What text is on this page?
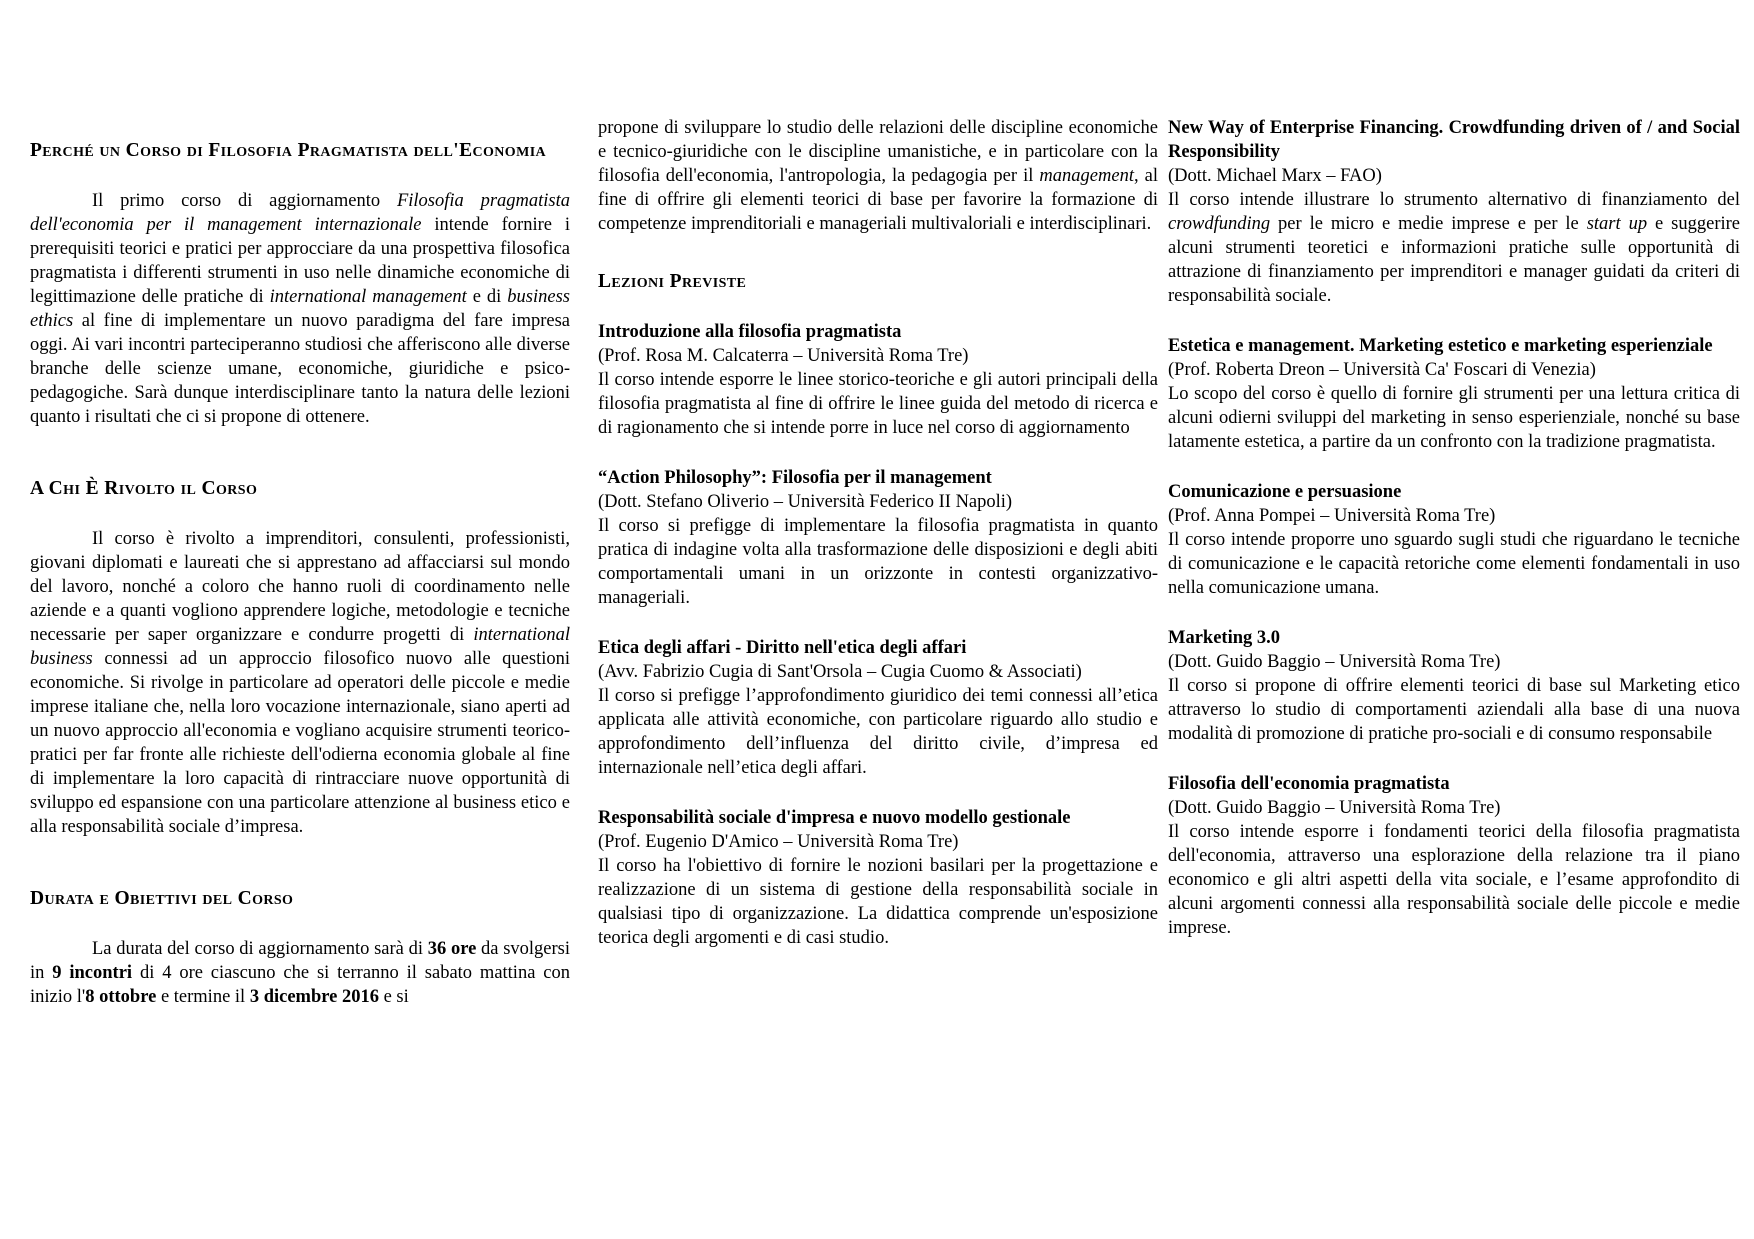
Perché un Corso di Filosofia Pragmatista dell'Economia
Il primo corso di aggiornamento Filosofia pragmatista dell'economia per il management internazionale intende fornire i prerequisiti teorici e pratici per approcciare da una prospettiva filosofica pragmatista i differenti strumenti in uso nelle dinamiche economiche di legittimazione delle pratiche di international management e di business ethics al fine di implementare un nuovo paradigma del fare impresa oggi. Ai vari incontri parteciperanno studiosi che afferiscono alle diverse branche delle scienze umane, economiche, giuridiche e psico-pedagogiche. Sarà dunque interdisciplinare tanto la natura delle lezioni quanto i risultati che ci si propone di ottenere.
A Chi È Rivolto il Corso
Il corso è rivolto a imprenditori, consulenti, professionisti, giovani diplomati e laureati che si apprestano ad affacciarsi sul mondo del lavoro, nonché a coloro che hanno ruoli di coordinamento nelle aziende e a quanti vogliono apprendere logiche, metodologie e tecniche necessarie per saper organizzare e condurre progetti di international business connessi ad un approccio filosofico nuovo alle questioni economiche. Si rivolge in particolare ad operatori delle piccole e medie imprese italiane che, nella loro vocazione internazionale, siano aperti ad un nuovo approccio all'economia e vogliano acquisire strumenti teorico-pratici per far fronte alle richieste dell'odierna economia globale al fine di implementare la loro capacità di rintracciare nuove opportunità di sviluppo ed espansione con una particolare attenzione al business etico e alla responsabilità sociale d’impresa.
Durata e Obiettivi del Corso
La durata del corso di aggiornamento sarà di 36 ore da svolgersi in 9 incontri di 4 ore ciascuno che si terranno il sabato mattina con inizio l'8 ottobre e termine il 3 dicembre 2016 e si
propone di sviluppare lo studio delle relazioni delle discipline economiche e tecnico-giuridiche con le discipline umanistiche, e in particolare con la filosofia dell'economia, l'antropologia, la pedagogia per il management, al fine di offrire gli elementi teorici di base per favorire la formazione di competenze imprenditoriali e manageriali multivaloriali e interdisciplinari.
Lezioni Previste
Introduzione alla filosofia pragmatista
(Prof. Rosa M. Calcaterra – Università Roma Tre)
Il corso intende esporre le linee storico-teoriche e gli autori principali della filosofia pragmatista al fine di offrire le linee guida del metodo di ricerca e di ragionamento che si intende porre in luce nel corso di aggiornamento
“Action Philosophy”: Filosofia per il management
(Dott. Stefano Oliverio – Università Federico II Napoli)
Il corso si prefigge di implementare la filosofia pragmatista in quanto pratica di indagine volta alla trasformazione delle disposizioni e degli abiti comportamentali umani in un orizzonte in contesti organizzativo-manageriali.
Etica degli affari - Diritto nell'etica degli affari
(Avv. Fabrizio Cugia di Sant'Orsola – Cugia Cuomo & Associati)
Il corso si prefigge l’approfondimento giuridico dei temi connessi all’etica applicata alle attività economiche, con particolare riguardo allo studio e approfondimento dell’influenza del diritto civile, d’impresa ed internazionale nell’etica degli affari.
Responsabilità sociale d'impresa e nuovo modello gestionale
(Prof. Eugenio D'Amico – Università Roma Tre)
Il corso ha l'obiettivo di fornire le nozioni basilari per la progettazione e realizzazione di un sistema di gestione della responsabilità sociale in qualsiasi tipo di organizzazione. La didattica comprende un'esposizione teorica degli argomenti e di casi studio.
New Way of Enterprise Financing. Crowdfunding driven of / and Social Responsibility
(Dott. Michael Marx – FAO)
Il corso intende illustrare lo strumento alternativo di finanziamento del crowdfunding per le micro e medie imprese e per le start up e suggerire alcuni strumenti teoretici e informazioni pratiche sulle opportunità di attrazione di finanziamento per imprenditori e manager guidati da criteri di responsabilità sociale.
Estetica e management. Marketing estetico e marketing esperienziale
(Prof. Roberta Dreon – Università Ca' Foscari di Venezia)
Lo scopo del corso è quello di fornire gli strumenti per una lettura critica di alcuni odierni sviluppi del marketing in senso esperienziale, nonché su base latamente estetica, a partire da un confronto con la tradizione pragmatista.
Comunicazione e persuasione
(Prof. Anna Pompei – Università Roma Tre)
Il corso intende proporre uno sguardo sugli studi che riguardano le tecniche di comunicazione e le capacità retoriche come elementi fondamentali in uso nella comunicazione umana.
Marketing 3.0
(Dott. Guido Baggio – Università Roma Tre)
Il corso si propone di offrire elementi teorici di base sul Marketing etico attraverso lo studio di comportamenti aziendali alla base di una nuova modalità di promozione di pratiche pro-sociali e di consumo responsabile
Filosofia dell'economia pragmatista
(Dott. Guido Baggio – Università Roma Tre)
Il corso intende esporre i fondamenti teorici della filosofia pragmatista dell'economia, attraverso una esplorazione della relazione tra il piano economico e gli altri aspetti della vita sociale, e l’esame approfondito di alcuni argomenti connessi alla responsabilità sociale delle piccole e medie imprese.
